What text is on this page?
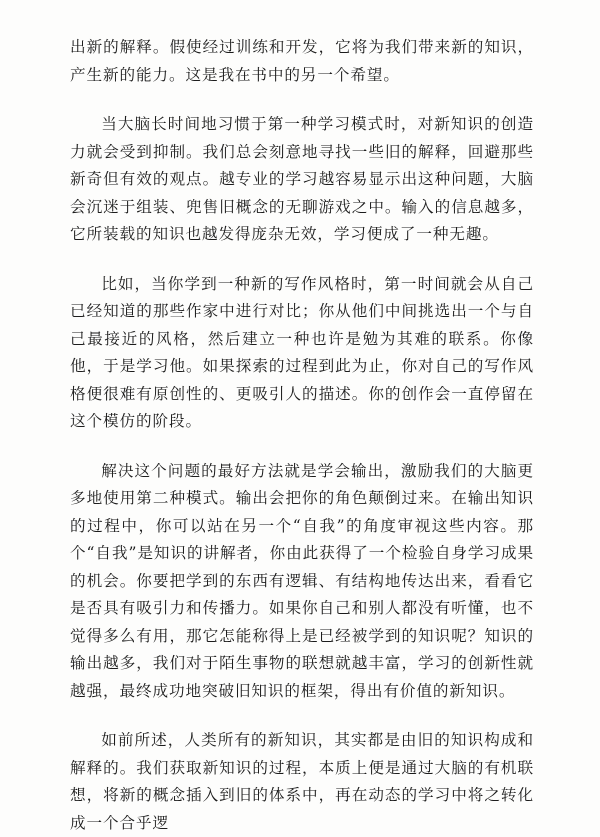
出新的解释。假使经过训练和开发，它将为我们带来新的知识，产生新的能力。这是我在书中的另一个希望。

当大脑长时间地习惯于第一种学习模式时，对新知识的创造力就会受到抑制。我们总会刻意地寻找一些旧的解释，回避那些新奇但有效的观点。越专业的学习越容易显示出这种问题，大脑会沉迷于组装、兜售旧概念的无聊游戏之中。输入的信息越多，它所装载的知识也越发得庞杂无效，学习便成了一种无趣。

比如，当你学到一种新的写作风格时，第一时间就会从自己已经知道的那些作家中进行对比；你从他们中间挑选出一个与自己最接近的风格，然后建立一种也许是勉为其难的联系。你像他，于是学习他。如果探索的过程到此为止，你对自己的写作风格便很难有原创性的、更吸引人的描述。你的创作会一直停留在这个模仿的阶段。

解决这个问题的最好方法就是学会输出，激励我们的大脑更多地使用第二种模式。输出会把你的角色颠倒过来。在输出知识的过程中，你可以站在另一个“自我”的角度审视这些内容。那个“自我”是知识的讲解者，你由此获得了一个检验自身学习成果的机会。你要把学到的东西有逻辑、有结构地传达出来，看看它是否具有吸引力和传播力。如果你自己和别人都没有听懂，也不觉得多么有用，那它怎能称得上是已经被学到的知识呢？知识的输出越多，我们对于陌生事物的联想就越丰富，学习的创新性就越强，最终成功地突破旧知识的框架，得出有价值的新知识。

如前所述，人类所有的新知识，其实都是由旧的知识构成和解释的。我们获取新知识的过程，本质上便是通过大脑的有机联想，将新的概念插入到旧的体系中，再在动态的学习中将之转化成一个合乎逻
